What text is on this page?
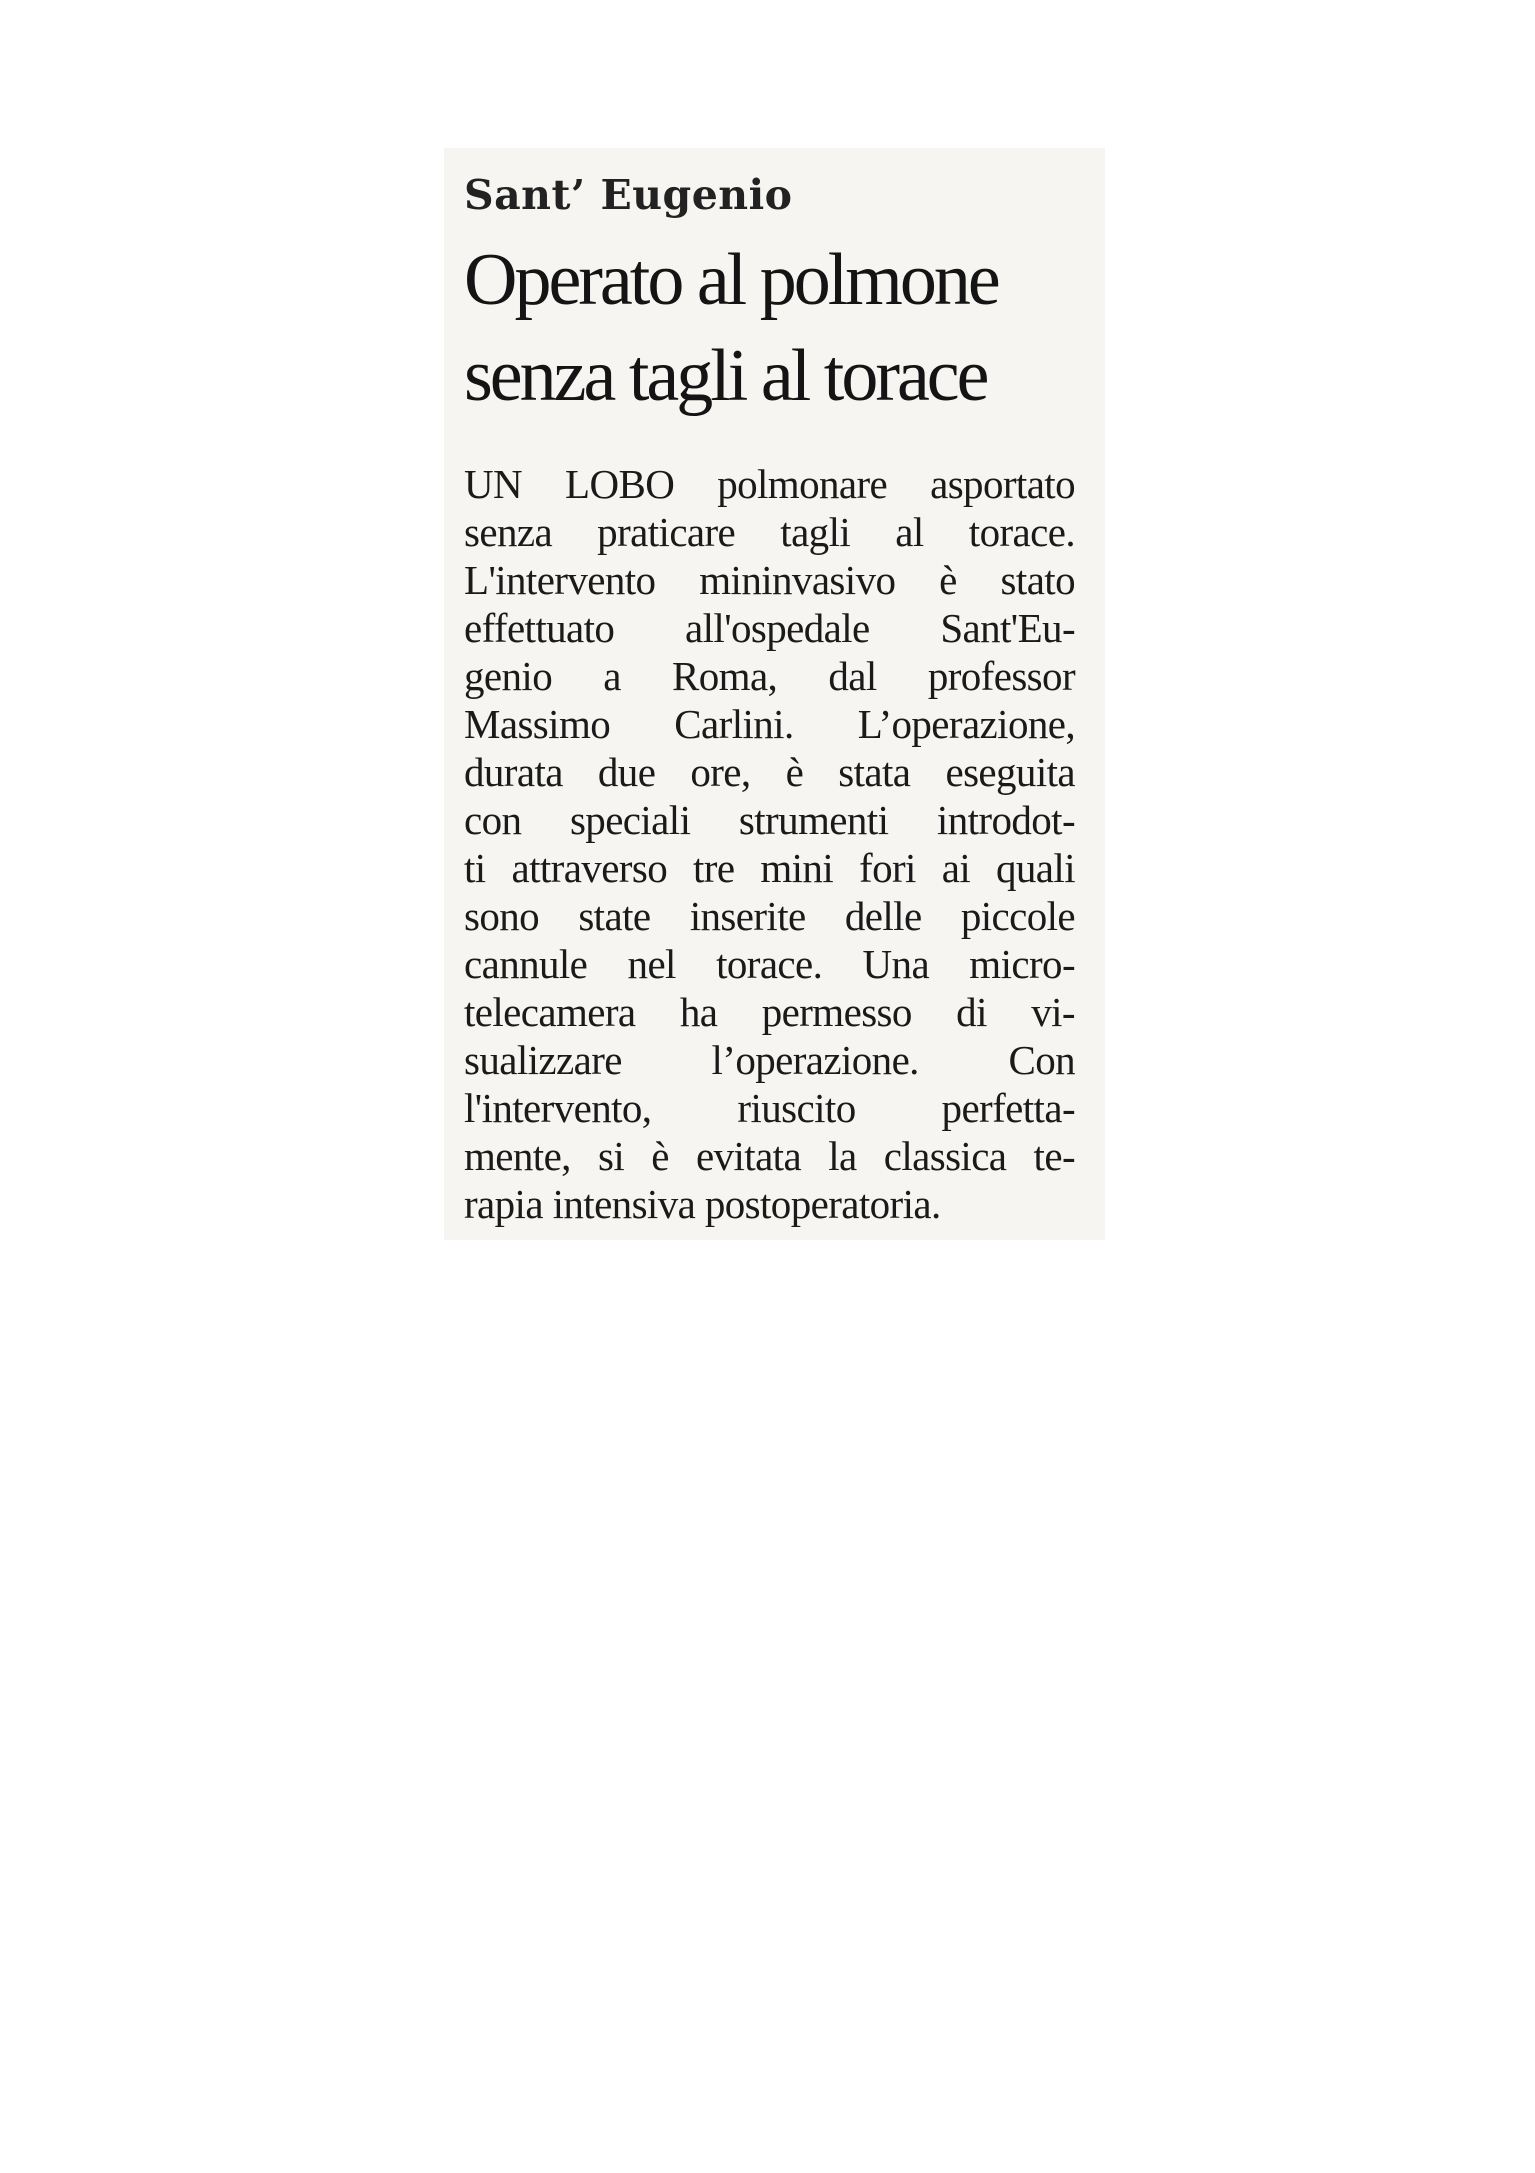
Sant’ Eugenio
Operato al polmone
senza tagli al torace
UN LOBO polmonare asportato
senza praticare tagli al torace.
L'intervento mininvasivo è stato
effettuato all'ospedale Sant'Eu-
genio a Roma, dal professor
Massimo Carlini. L’operazione,
durata due ore, è stata eseguita
con speciali strumenti introdot-
ti attraverso tre mini fori ai quali
sono state inserite delle piccole
cannule nel torace. Una micro-
telecamera ha permesso di vi-
sualizzare l’operazione. Con
l'intervento, riuscito perfetta-
mente, si è evitata la classica te-
rapia intensiva postoperatoria.
